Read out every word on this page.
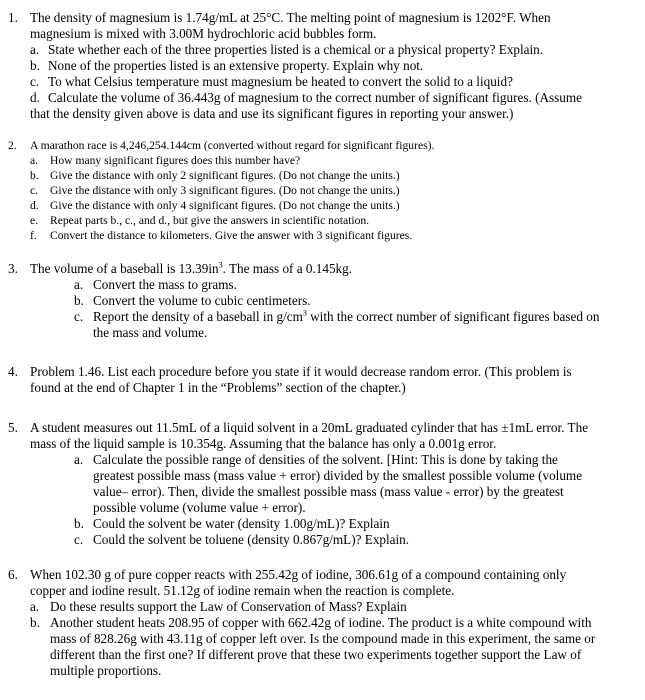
1. The density of magnesium is 1.74g/mL at 25°C. The melting point of magnesium is 1202°F. When
magnesium is mixed with 3.00M hydrochloric acid bubbles form.
a. State whether each of the three properties listed is a chemical or a physical property? Explain.
b. None of the properties listed is an extensive property. Explain why not.
c. To what Celsius temperature must magnesium be heated to convert the solid to a liquid?
d. Calculate the volume of 36.443g of magnesium to the correct number of significant figures. (Assume
that the density given above is data and use its significant figures in reporting your answer.)
2. A marathon race is 4,246,254.144cm (converted without regard for significant figures).
a. How many significant figures does this number have?
b. Give the distance with only 2 significant figures. (Do not change the units.)
c. Give the distance with only 3 significant figures. (Do not change the units.)
d. Give the distance with only 4 significant figures. (Do not change the units.)
e. Repeat parts b., c., and d., but give the answers in scientific notation.
f. Convert the distance to kilometers. Give the answer with 3 significant figures.
3. The volume of a baseball is $13.39in^3$. The mass of a 0.145kg.
a. Convert the mass to grams.
b. Convert the volume to cubic centimeters.
c. Report the density of a baseball in $g/cm^3$ with the correct number of significant figures based on
the mass and volume.
4. Problem 1.46. List each procedure before you state if it would decrease random error. (This problem is
found at the end of Chapter 1 in the “Problems” section of the chapter.)
5. A student measures out 11.5mL of a liquid solvent in a 20mL graduated cylinder that has ±1mL error. The
mass of the liquid sample is 10.354g. Assuming that the balance has only a 0.001g error.
a. Calculate the possible range of densities of the solvent. [Hint: This is done by taking the
greatest possible mass (mass value + error) divided by the smallest possible volume (volume
value– error). Then, divide the smallest possible mass (mass value - error) by the greatest
possible volume (volume value + error).
b. Could the solvent be water (density 1.00g/mL)? Explain
c. Could the solvent be toluene (density 0.867g/mL)? Explain.
6. When 102.30 g of pure copper reacts with 255.42g of iodine, 306.61g of a compound containing only
copper and iodine result. 51.12g of iodine remain when the reaction is complete.
a. Do these results support the Law of Conservation of Mass? Explain
b. Another student heats 208.95 of copper with 662.42g of iodine. The product is a white compound with
mass of 828.26g with 43.11g of copper left over. Is the compound made in this experiment, the same or
different than the first one? If different prove that these two experiments together support the Law of
multiple proportions.
